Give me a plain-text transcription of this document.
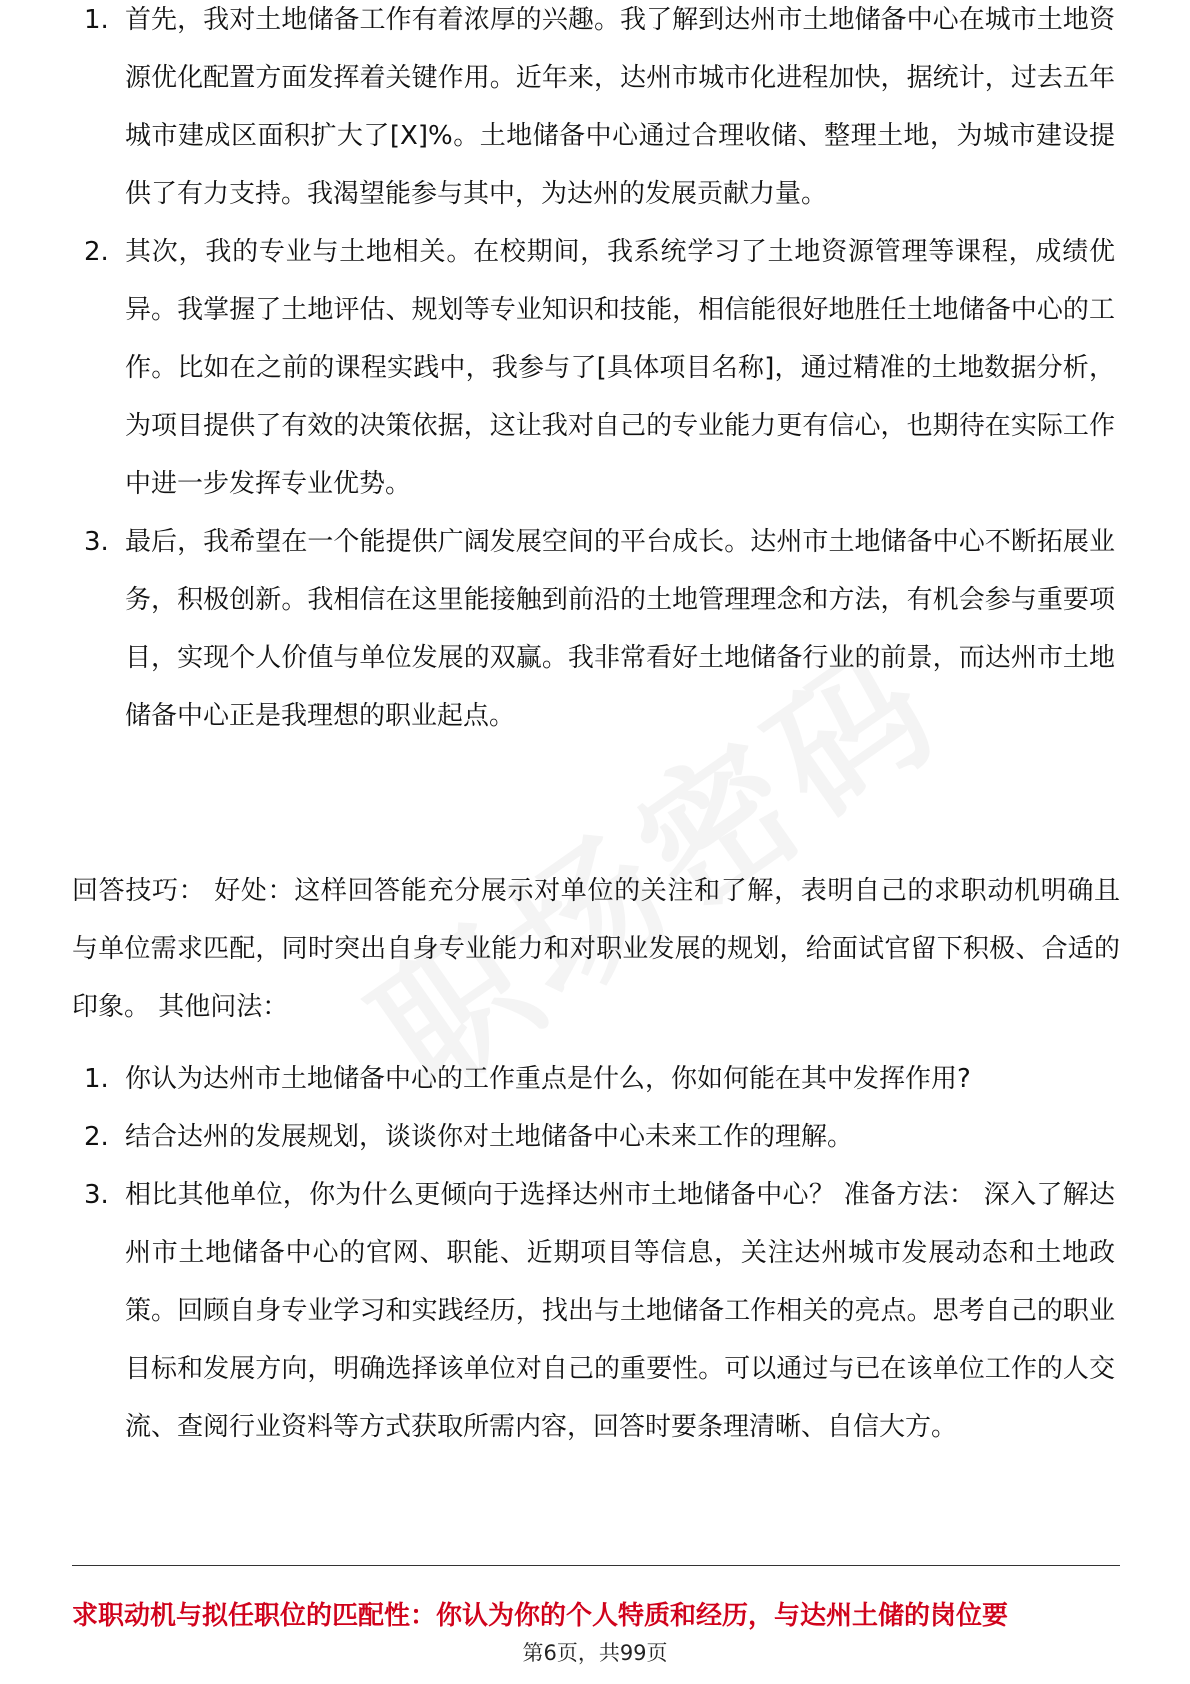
1. 首先，我对土地储备工作有着浓厚的兴趣。我了解到达州市土地储备中心在城市土地资源优化配置方面发挥着关键作用。近年来，达州市城市化进程加快，据统计，过去五年城市建成区面积扩大了[X]%。土地储备中心通过合理收储、整理土地，为城市建设提供了有力支持。我渴望能参与其中，为达州的发展贡献力量。
2. 其次，我的专业与土地相关。在校期间，我系统学习了土地资源管理等课程，成绩优异。我掌握了土地评估、规划等专业知识和技能，相信能很好地胜任土地储备中心的工作。比如在之前的课程实践中，我参与了[具体项目名称]，通过精准的土地数据分析，为项目提供了有效的决策依据，这让我对自己的专业能力更有信心，也期待在实际工作中进一步发挥专业优势。
3. 最后，我希望在一个能提供广阔发展空间的平台成长。达州市土地储备中心不断拓展业务，积极创新。我相信在这里能接触到前沿的土地管理理念和方法，有机会参与重要项目，实现个人价值与单位发展的双赢。我非常看好土地储备行业的前景，而达州市土地储备中心正是我理想的职业起点。

回答技巧： 好处：这样回答能充分展示对单位的关注和了解，表明自己的求职动机明确且与单位需求匹配，同时突出自身专业能力和对职业发展的规划，给面试官留下积极、合适的印象。 其他问法：

1. 你认为达州市土地储备中心的工作重点是什么，你如何能在其中发挥作用?
2. 结合达州的发展规划，谈谈你对土地储备中心未来工作的理解。
3. 相比其他单位，你为什么更倾向于选择达州市土地储备中心？ 准备方法： 深入了解达州市土地储备中心的官网、职能、近期项目等信息，关注达州城市发展动态和土地政策。回顾自身专业学习和实践经历，找出与土地储备工作相关的亮点。思考自己的职业目标和发展方向，明确选择该单位对自己的重要性。可以通过与已在该单位工作的人交流、查阅行业资料等方式获取所需内容，回答时要条理清晰、自信大方。

求职动机与拟任职位的匹配性：你认为你的个人特质和经历，与达州土储的岗位要

第6页，共99页
